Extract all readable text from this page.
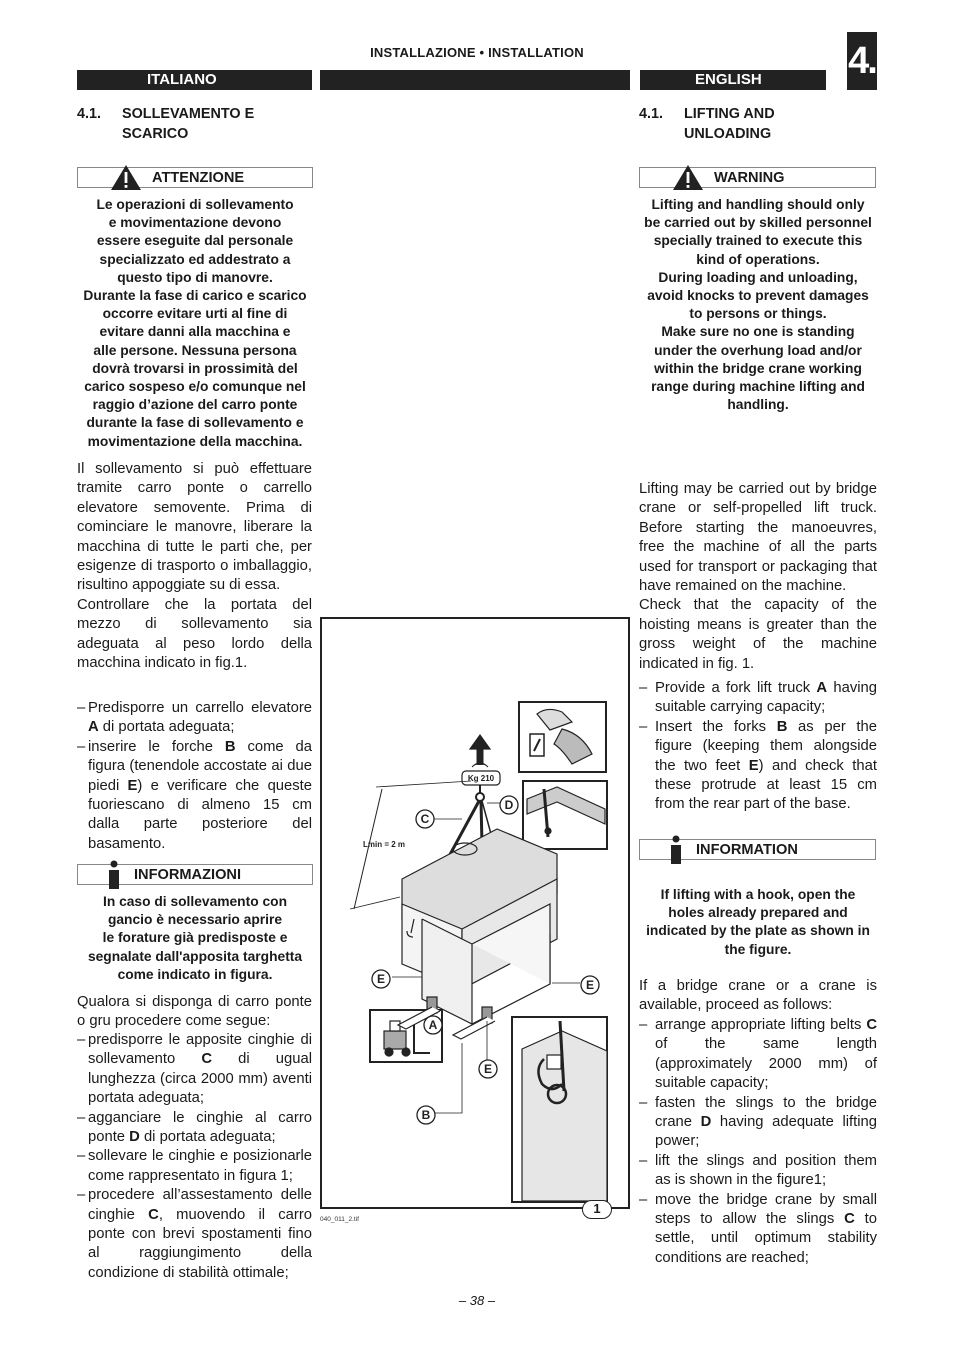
INSTALLAZIONE • INSTALLATION	4.
ITALIANO	ENGLISH
4.1. SOLLEVAMENTO E SCARICO
ATTENZIONE
Le operazioni di sollevamento
e movimentazione devono
essere eseguite dal personale
specializzato ed addestrato a
questo tipo di manovre.
Durante la fase di carico e scarico
occorre evitare urti al fine di
evitare danni alla macchina e
alle persone. Nessuna persona
dovrà trovarsi in prossimità del
carico sospeso e/o comunque nel
raggio d’azione del carro ponte
durante la fase di sollevamento e
movimentazione della macchina.

Il sollevamento si può effettuare tramite carro ponte o carrello elevatore semovente. Prima di cominciare le manovre, liberare la macchina di tutte le parti che, per esigenze di trasporto o imballaggio, risultino appoggiate su di essa.

Controllare che la portata del mezzo di sollevamento sia adeguata al peso lordo della macchina indicato in fig.1.

– Predisporre un carrello elevatore A di portata adeguata;
– inserire le forche B come da figura (tenendole accostate ai due piedi E) e verificare che queste fuoriescano di almeno 15 cm dalla parte posteriore del basamento.
INFORMAZIONI
In caso di sollevamento con
gancio è necessario aprire
le forature già predisposte e
segnalate dall'apposita targhetta
come indicato in figura.
Qualora si disponga di carro ponte o gru procedere come segue:
– predisporre le apposite cinghie di sollevamento C di ugual lunghezza (circa 2000 mm) aventi portata adeguata;
– agganciare le cinghie al carro ponte D di portata adeguata;
– sollevare le cinghie e posizionarle come rappresentato in figura 1;
– procedere all’assestamento delle cinghie C, muovendo il carro ponte con brevi spostamenti fino al raggiungimento della condizione di stabilità ottimale;
4.1. LIFTING AND UNLOADING
WARNING
Lifting and handling should only
be carried out by skilled personnel
specially trained to execute this
kind of operations.
During loading and unloading,
avoid knocks to prevent damages
to persons or things.
Make sure no one is standing
under the overhung load and/or
within the bridge crane working
range during machine lifting and
handling.

Lifting may be carried out by bridge crane or self-propelled lift truck. Before starting the manoeuvres, free the machine of all the parts used for transport or packaging that have remained on the machine.

Check that the capacity of the hoisting means is greater than the gross weight of the machine indicated in fig. 1.

– Provide a fork lift truck A having suitable carrying capacity;
– Insert the forks B as per the figure (keeping them alongside the two feet E) and check that these protrude at least 15 cm from the rear part of the base.
INFORMATION
If lifting with a hook, open the
holes already prepared and
indicated by the plate as shown in
the figure.
If a bridge crane or a crane is available, proceed as follows:
– arrange appropriate lifting belts C of the same length (approximately 2000 mm) of suitable capacity;
– fasten the slings to the bridge crane D having adequate lifting power;
– lift the slings and position them as is shown in the figure1;
– move the bridge crane by small steps to allow the slings C to settle, until optimum stability conditions are reached;
C
D
E	E
A
E
B
Kg 210
Lmin = 2 m
1
040_011_2.tif
– 38 –
